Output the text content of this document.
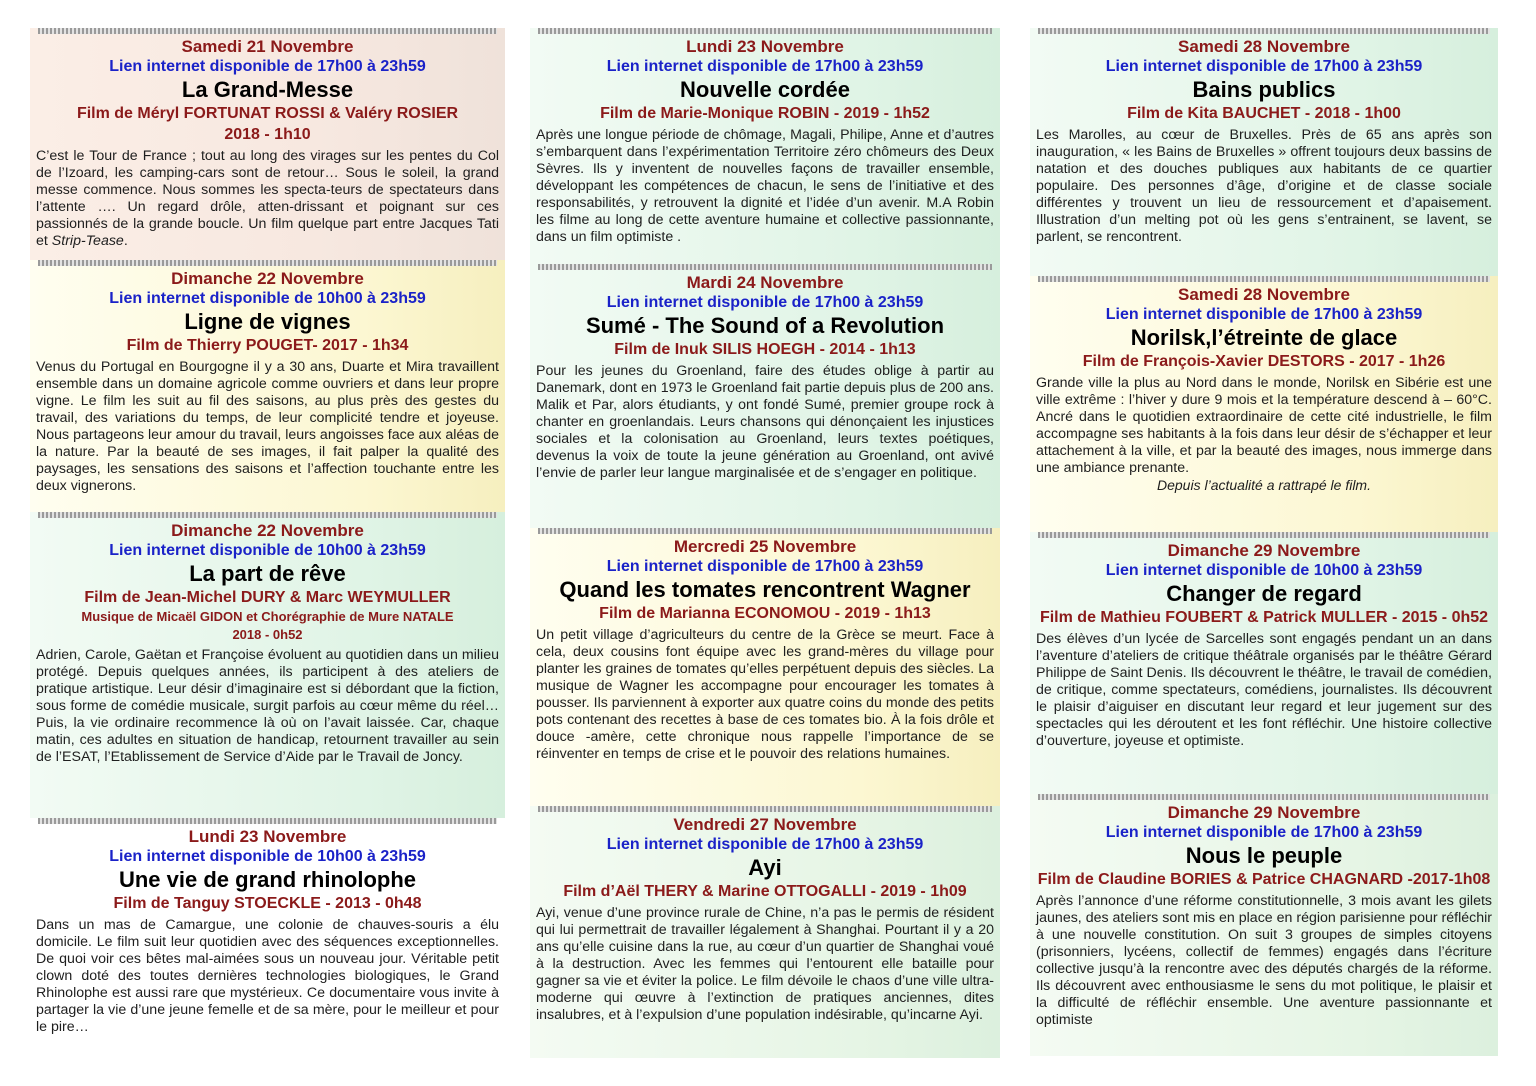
Samedi 21 Novembre
Lien internet disponible de 17h00 à 23h59
La Grand-Messe
Film de Méryl FORTUNAT ROSSI & Valéry ROSIER
2018 - 1h10
C’est le Tour de France ; tout au long des virages sur les pentes du Col de l’Izoard, les camping-cars sont de retour… Sous le soleil, la grand messe commence. Nous sommes les specta-teurs de spectateurs dans l’attente …. Un regard drôle, atten-drissant et poignant sur ces passionnés de la grande boucle. Un film quelque part entre Jacques Tati et Strip-Tease.
Dimanche 22 Novembre
Lien internet disponible de 10h00 à 23h59
Ligne de vignes
Film de Thierry POUGET- 2017 - 1h34
Venus du Portugal en Bourgogne il y a 30 ans, Duarte et Mira travaillent ensemble dans un domaine agricole comme ouvriers et dans leur propre vigne. Le film les suit au fil des saisons, au plus près des gestes du travail, des variations du temps, de leur complicité tendre et joyeuse. Nous partageons leur amour du travail, leurs angoisses face aux aléas de la nature. Par la beauté de ses images, il fait palper la qualité des paysages, les sensations des saisons et l’affection touchante entre les deux vignerons.
Dimanche 22 Novembre
Lien internet disponible de 10h00 à 23h59
La part de rêve
Film de Jean-Michel DURY & Marc WEYMULLER
Musique de Micaël GIDON et Chorégraphie de Mure NATALE
2018 - 0h52
Adrien, Carole, Gaëtan et Françoise évoluent au quotidien dans un milieu protégé. Depuis quelques années, ils participent à des ateliers de pratique artistique. Leur désir d’imaginaire est si débordant que la fiction, sous forme de comédie musicale, surgit parfois au cœur même du réel… Puis, la vie ordinaire recommence là où on l’avait laissée. Car, chaque matin, ces adultes en situation de handicap, retournent travailler au sein de l’ESAT, l’Etablissement de Service d’Aide par le Travail de Joncy.
Lundi 23 Novembre
Lien internet disponible de 10h00 à 23h59
Une vie de grand rhinolophe
Film de Tanguy STOECKLE - 2013 - 0h48
Dans un mas de Camargue, une colonie de chauves-souris a élu domicile. Le film suit leur quotidien avec des séquences exceptionnelles. De quoi voir ces bêtes mal-aimées sous un nouveau jour. Véritable petit clown doté des toutes dernières technologies biologiques, le Grand Rhinolophe est aussi rare que mystérieux. Ce documentaire vous invite à partager la vie d’une jeune femelle et de sa mère, pour le meilleur et pour le pire…
Lundi 23 Novembre
Lien internet disponible de 17h00 à 23h59
Nouvelle cordée
Film de Marie-Monique ROBIN - 2019 - 1h52
Après une longue période de chômage, Magali, Philipe, Anne et d’autres s’embarquent dans l’expérimentation Territoire zéro chômeurs des Deux Sèvres. Ils y inventent de nouvelles façons de travailler ensemble, développant les compétences de chacun, le sens de l’initiative et des responsabilités, y retrouvent la dignité et l’idée d’un avenir. M.A Robin les filme au long de cette aventure humaine et collective passionnante, dans un film optimiste .
Mardi 24 Novembre
Lien internet disponible de 17h00 à 23h59
Sumé - The Sound of a Revolution
Film de Inuk SILIS HOEGH - 2014 - 1h13
Pour les jeunes du Groenland, faire des études oblige à partir au Danemark, dont en 1973 le Groenland fait partie depuis plus de 200 ans. Malik et Par, alors étudiants, y ont fondé Sumé, premier groupe rock à chanter en groenlandais. Leurs chansons qui dénonçaient les injustices sociales et la colonisation au Groenland, leurs textes poétiques, devenus la voix de toute la jeune génération au Groenland, ont avivé l’envie de parler leur langue marginalisée et de s’engager en politique.
Mercredi 25 Novembre
Lien internet disponible de 17h00 à 23h59
Quand les tomates rencontrent Wagner
Film de Marianna ECONOMOU - 2019 - 1h13
Un petit village d’agriculteurs du centre de la Grèce se meurt. Face à cela, deux cousins font équipe avec les grand-mères du village pour planter les graines de tomates qu’elles perpétuent depuis des siècles. La musique de Wagner les accompagne pour encourager les tomates à pousser. Ils parviennent à exporter aux quatre coins du monde des petits pots contenant des recettes à base de ces tomates bio. À la fois drôle et douce -amère, cette chronique nous rappelle l’importance de se réinventer en temps de crise et le pouvoir des relations humaines.
Vendredi 27 Novembre
Lien internet disponible de 17h00 à 23h59
Ayi
Film d’Aël THERY & Marine OTTOGALLI - 2019 - 1h09
Ayi, venue d’une province rurale de Chine, n’a pas le permis de résident qui lui permettrait de travailler légalement à Shanghai. Pourtant il y a 20 ans qu’elle cuisine dans la rue, au cœur d’un quartier de Shanghai voué à la destruction. Avec les femmes qui l’entourent elle bataille pour gagner sa vie et éviter la police. Le film dévoile le chaos d’une ville ultra-moderne qui œuvre à l’extinction de pratiques anciennes, dites insalubres, et à l’expulsion d’une population indésirable, qu’incarne Ayi.
Samedi 28 Novembre
Lien internet disponible de 17h00 à 23h59
Bains publics
Film de Kita BAUCHET - 2018 - 1h00
Les Marolles, au cœur de Bruxelles. Près de 65 ans après son inauguration, « les Bains de Bruxelles » offrent toujours deux bassins de natation et des douches publiques aux habitants de ce quartier populaire. Des personnes d’âge, d’origine et de classe sociale différentes y trouvent un lieu de ressourcement et d’apaisement. Illustration d’un melting pot où les gens s’entrainent, se lavent, se parlent, se rencontrent.
Samedi 28 Novembre
Lien internet disponible de 17h00 à 23h59
Norilsk,l’étreinte de glace
Film de François-Xavier DESTORS - 2017 - 1h26
Grande ville la plus au Nord dans le monde, Norilsk en Sibérie est une ville extrême : l’hiver y dure 9 mois et la température descend à – 60°C. Ancré dans le quotidien extraordinaire de cette cité industrielle, le film accompagne ses habitants à la fois dans leur désir de s’échapper et leur attachement à la ville, et par la beauté des images, nous immerge dans une ambiance prenante.
Depuis l’actualité a rattrapé le film.
Dimanche 29 Novembre
Lien internet disponible de 10h00 à 23h59
Changer de regard
Film de Mathieu FOUBERT & Patrick MULLER - 2015 - 0h52
Des élèves d’un lycée de Sarcelles sont engagés pendant un an dans l’aventure d’ateliers de critique théâtrale organisés par le théâtre Gérard Philippe de Saint Denis. Ils découvrent le théâtre, le travail de comédien, de critique, comme spectateurs, comédiens, journalistes. Ils découvrent le plaisir d’aiguiser en discutant leur regard et leur jugement sur des spectacles qui les déroutent et les font réfléchir. Une histoire collective d’ouverture, joyeuse et optimiste.
Dimanche 29 Novembre
Lien internet disponible de 17h00 à 23h59
Nous le peuple
Film de Claudine BORIES & Patrice CHAGNARD -2017-1h08
Après l’annonce d’une réforme constitutionnelle, 3 mois avant les gilets jaunes, des ateliers sont mis en place en région parisienne pour réfléchir à une nouvelle constitution. On suit 3 groupes de simples citoyens (prisonniers, lycéens, collectif de femmes) engagés dans l’écriture collective jusqu’à la rencontre avec des députés chargés de la réforme. Ils découvrent avec enthousiasme le sens du mot politique, le plaisir et la difficulté de réfléchir ensemble. Une aventure passionnante et optimiste
